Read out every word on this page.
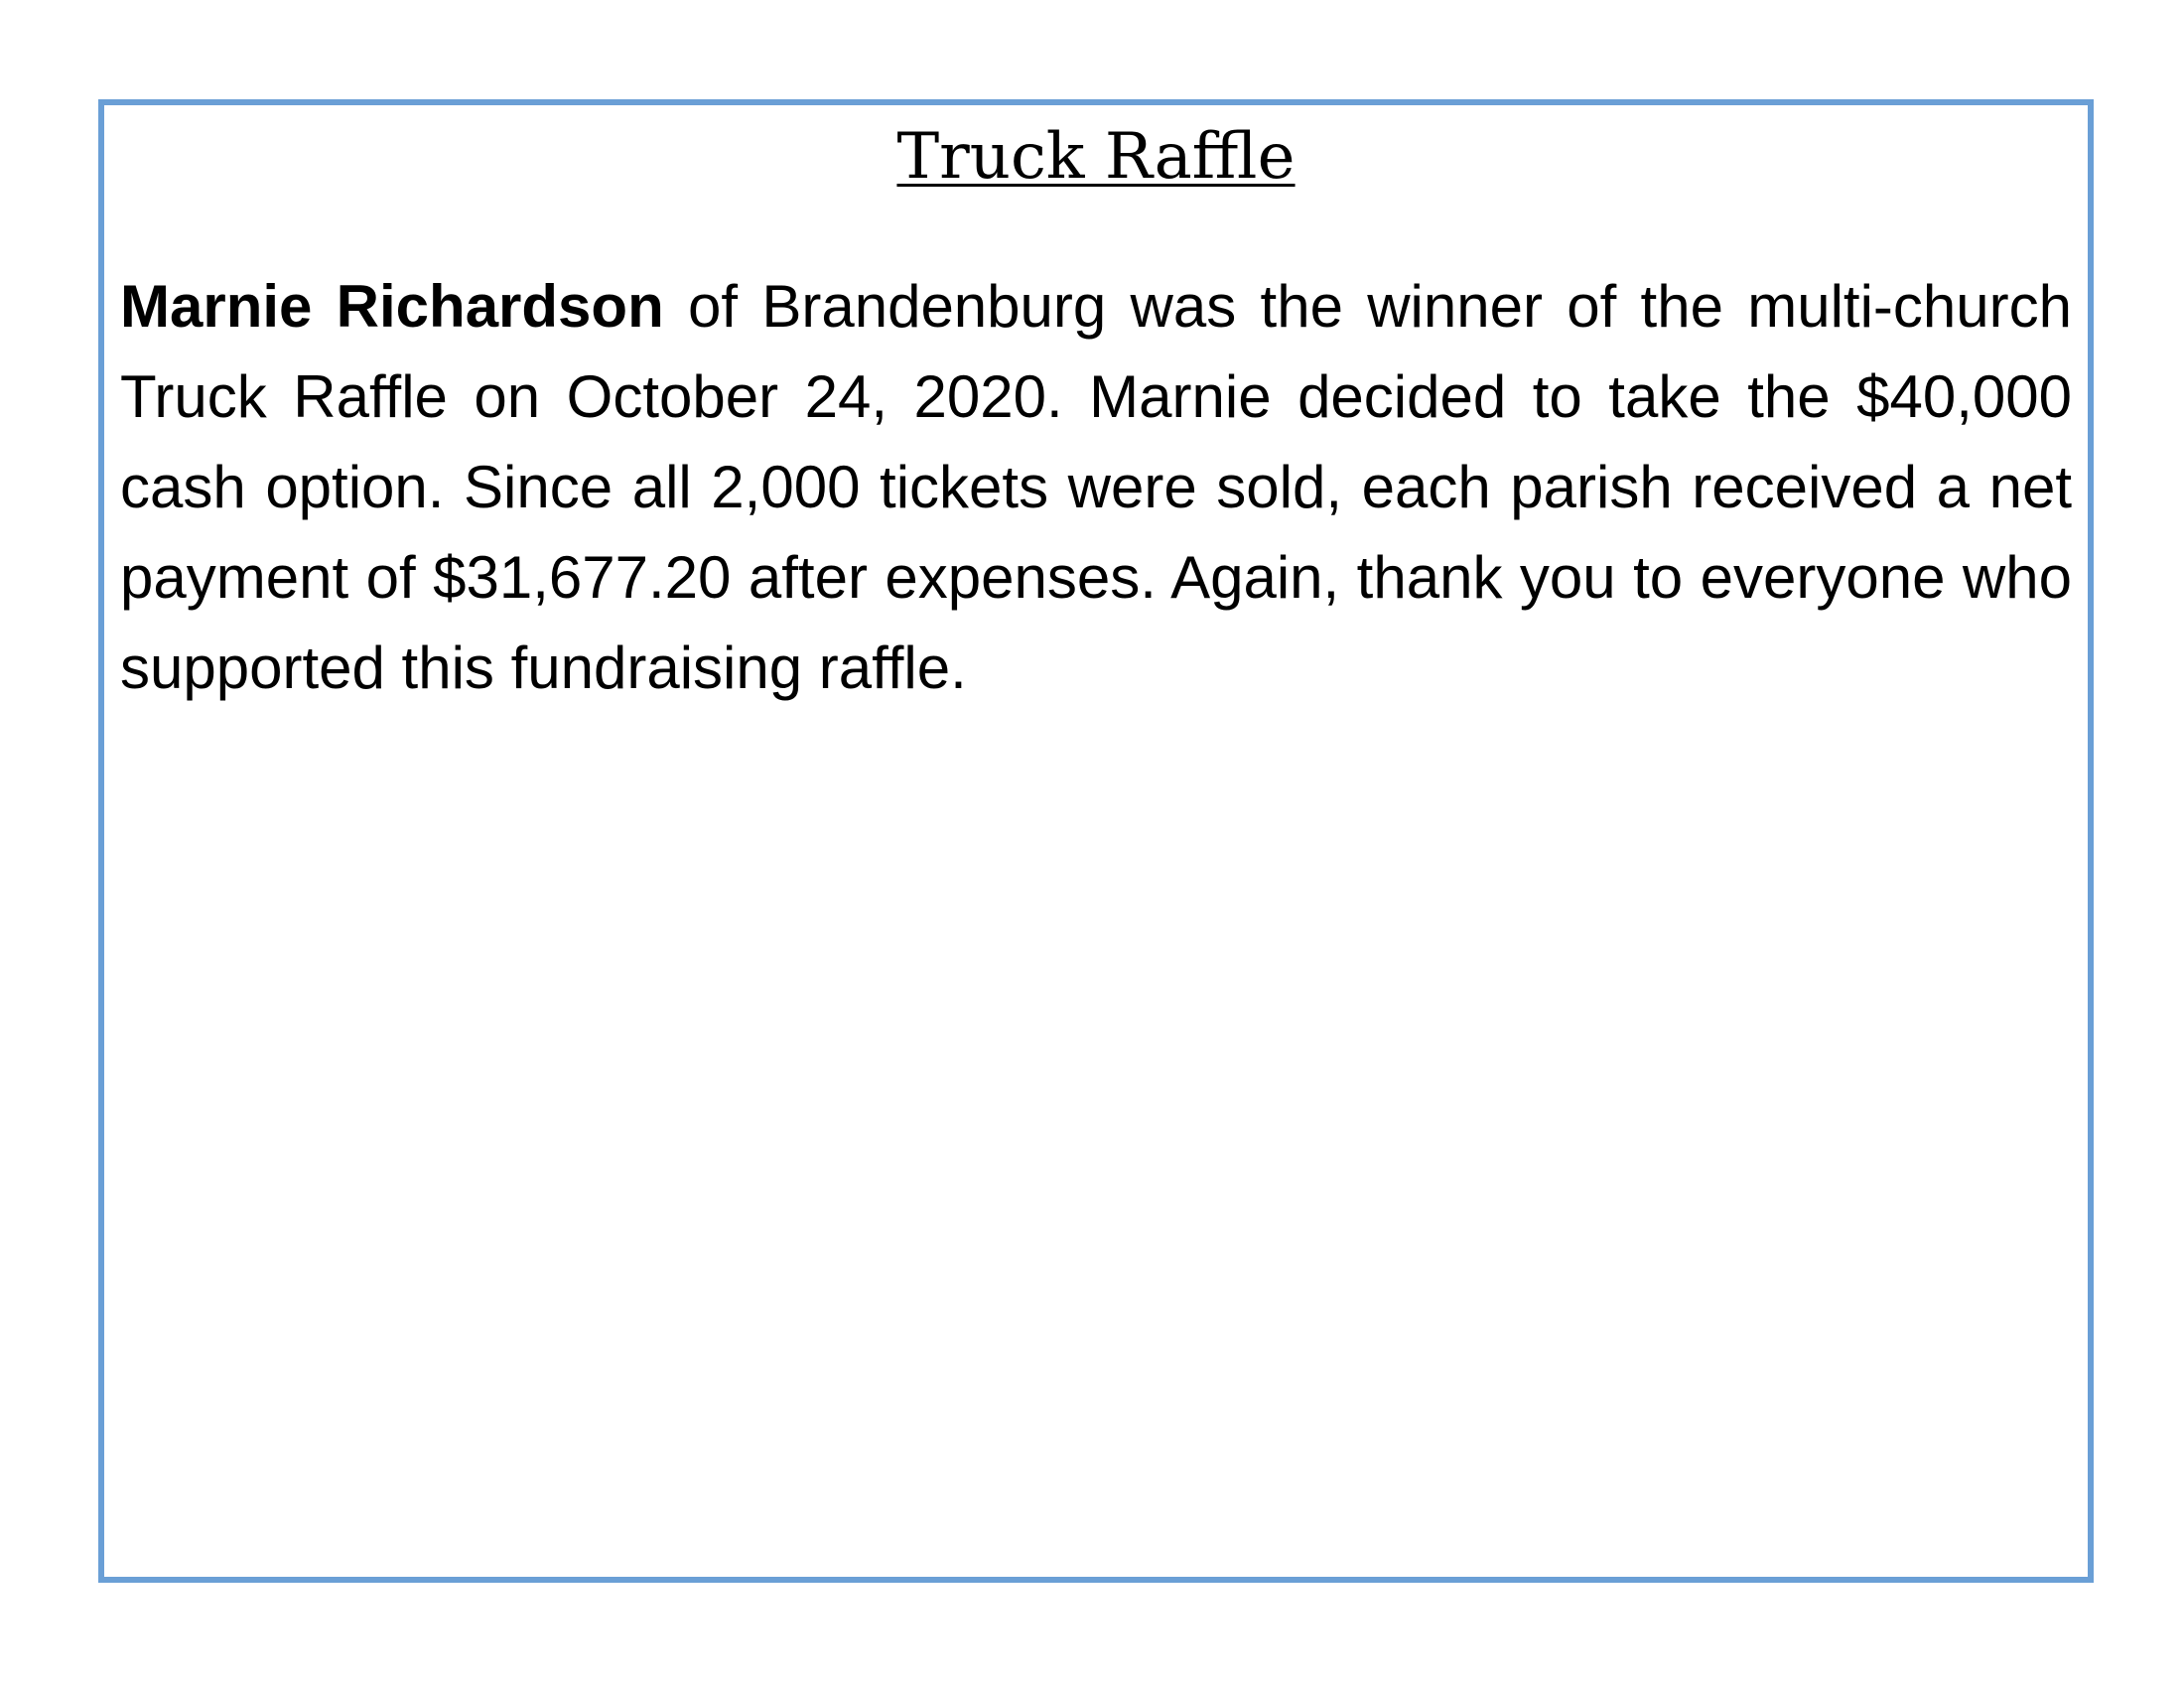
Truck Raffle

Marnie Richardson of Brandenburg was the winner of the multi-church Truck Raffle on October 24, 2020. Marnie decided to take the $40,000 cash option. Since all 2,000 tickets were sold, each parish received a net payment of $31,677.20 after expenses. Again, thank you to everyone who supported this fundraising raffle.
